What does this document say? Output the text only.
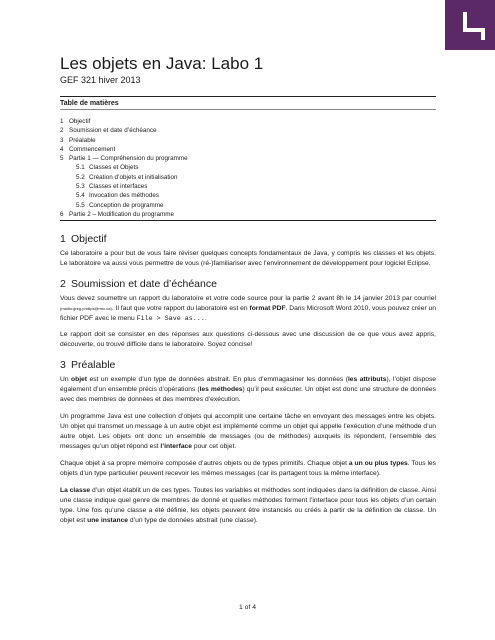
Les objets en Java: Labo 1
GEF 321 hiver 2013
Table de matières
1 Objectif
2 Soumission et date d’échéance
3 Préalable
4 Commencement
5 Partie 1 — Compréhension du programme
5.1 Classes et Objets
5.2 Création d’objets et initialisation
5.3 Classes et interfaces
5.4 Invocation des méthodes
5.5 Conception de programme
6 Partie 2 – Modification du programme
1 Objectif

Ce laboratoire a pour but de vous faire réviser quelques concepts fondamentaux de Java, y compris les classes et les objets. Le laboratoire va aussi vous permettre de vous (ré-)familiariser avec l’environnement de développement pour logiciel Eclipse.

2 Soumission et date d’échéance

Vous devez soumettre un rapport du laboratoire et votre code source pour la partie 2 avant 8h le 14 janvier 2013 par courriel (mailto:greg.phillips@rmc.ca). Il faut que votre rapport du laboratoire est en format PDF. Dans Microsoft Word 2010, vous pouvez créer un fichier PDF avec le menu File > Save as....

Le rapport doit se consister en des réponses aux questions ci-dessous avec une discussion de ce que vous avez appris, découverte, ou trouvé difficile dans le laboratoire. Soyez concise!

3 Préalable

Un objet est un exemple d’un type de données abstrait. En plus d’emmagasiner les données (les attributs), l’objet dispose également d’un ensemble précis d’opérations (les méthodes) qu’il peut exécuter. Un objet est donc une structure de données avec des membres de données et des membres d’exécution.

Un programme Java est une collection d’objets qui accomplit une certaine tâche en envoyant des messages entre les objets. Un objet qui transmet un message à un autre objet est implémenté comme un objet qui appelle l’exécution d’une méthode d’un autre objet. Les objets ont donc un ensemble de messages (ou de méthodes) auxquels ils répondent, l’ensemble des messages qu’un objet répond est l’interface pour cet objet.

Chaque objet à sa propre mémoire composée d’autres objets ou de types primitifs. Chaque objet a un ou plus types. Tous les objets d’un type particulier peuvent recevoir les mêmes messages (car ils partagent tous la même interface).

La classe d’un objet établit un de ces types. Toutes les variables et méthodes sont indiquées dans la définition de classe. Ainsi une classe indique quel genre de membres de donné et quelles méthodes forment l’interface pour tous les objets d’un certain type. Une fois qu’une classe a été définie, les objets peuvent être instanciés ou créés à partir de la définition de classe. Un objet est une instance d’un type de données abstrait (une classe).

1 of 4
